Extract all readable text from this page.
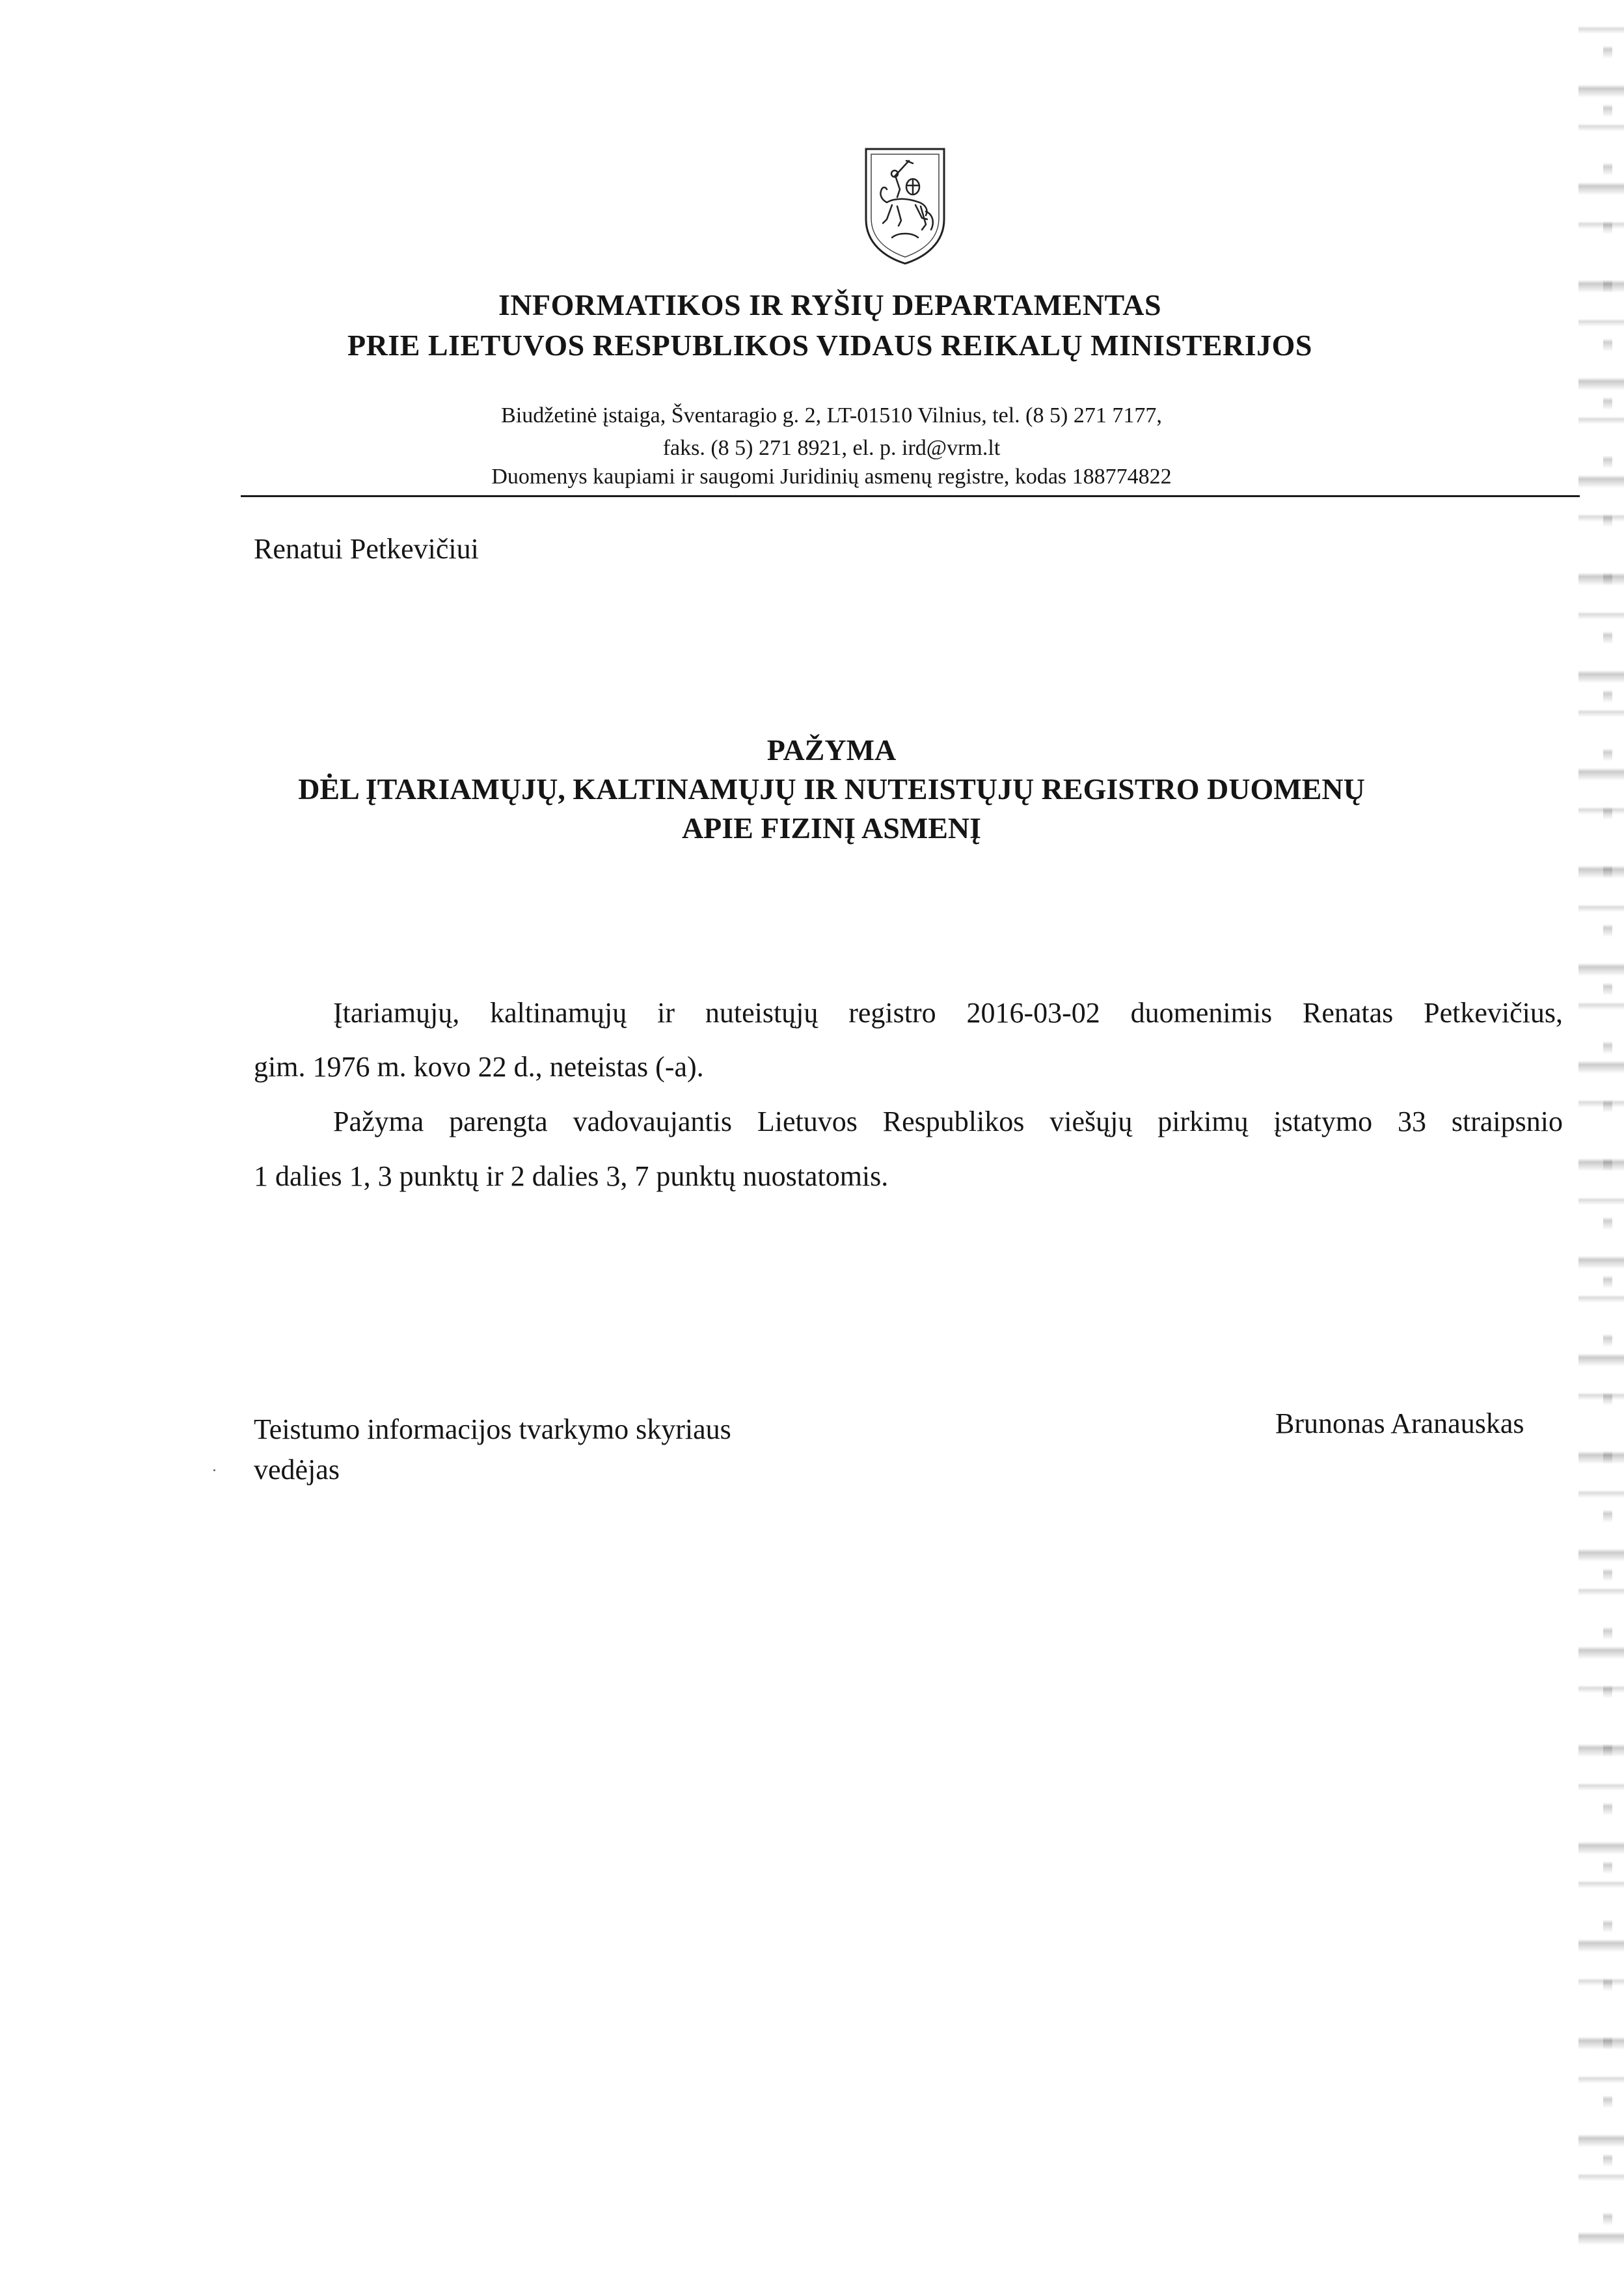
INFORMATIKOS IR RYŠIŲ DEPARTAMENTAS
PRIE LIETUVOS RESPUBLIKOS VIDAUS REIKALŲ MINISTERIJOS
Biudžetinė įstaiga, Šventaragio g. 2, LT-01510 Vilnius, tel. (8 5) 271 7177,
faks. (8 5) 271 8921, el. p. ird@vrm.lt
Duomenys kaupiami ir saugomi Juridinių asmenų registre, kodas 188774822
Renatui Petkevičiui
PAŽYMA
DĖL ĮTARIAMŲJŲ, KALTINAMŲJŲ IR NUTEISTŲJŲ REGISTRO DUOMENŲ
APIE FIZINĮ ASMENĮ
Įtariamųjų, kaltinamųjų ir nuteistųjų registro 2016-03-02 duomenimis Renatas Petkevičius,
gim. 1976 m. kovo 22 d., neteistas (-a).
Pažyma parengta vadovaujantis Lietuvos Respublikos viešųjų pirkimų įstatymo 33 straipsnio
1 dalies 1, 3 punktų ir 2 dalies 3, 7 punktų nuostatomis.
Teistumo informacijos tvarkymo skyriaus
vedėjas
Brunonas Aranauskas
